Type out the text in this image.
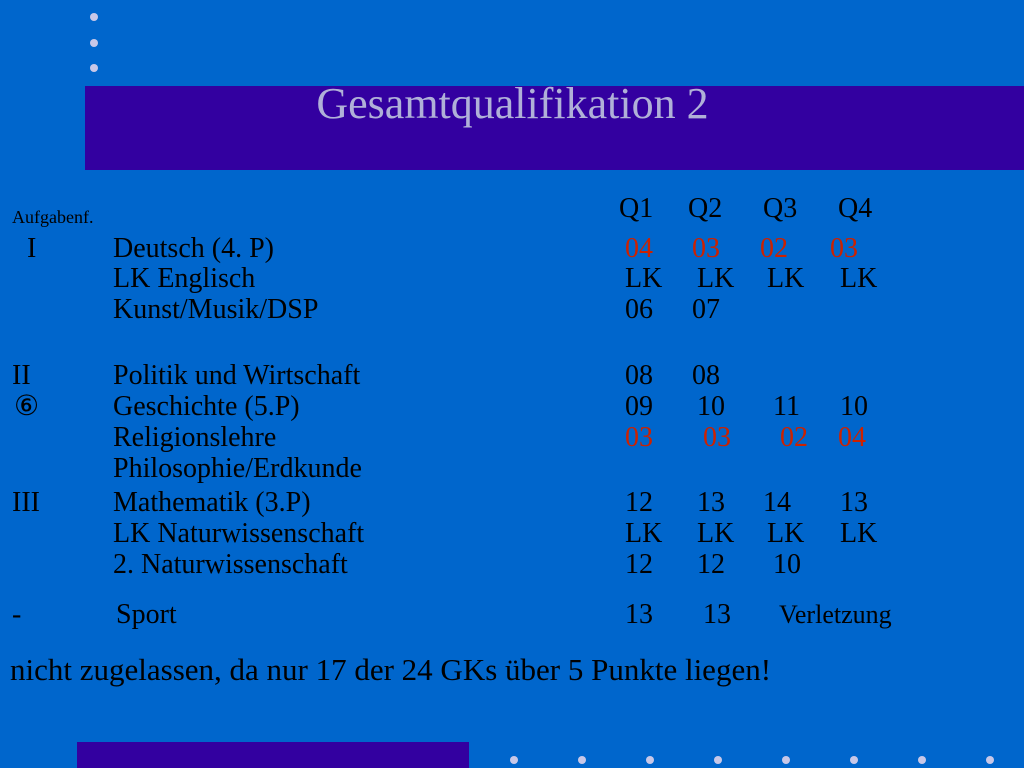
Gesamtqualifikation 2
Aufgabenf.	Q1 Q2 Q3 Q4
I	Deutsch (4. P)	04 03 02 03
LK Englisch	LK LK LK LK
Kunst/Musik/DSP	06 07
II	Politik und Wirtschaft	08 08
⑥	Geschichte (5.P)	09 10 11 10
Religionslehre	03 03 02 04
Philosophie/Erdkunde
III	Mathematik (3.P)	12 13 14 13
LK Naturwissenschaft	LK LK LK LK
2. Naturwissenschaft	12 12 10
-	Sport	13 13 Verletzung
nicht zugelassen, da nur 17 der 24 GKs über 5 Punkte liegen!
